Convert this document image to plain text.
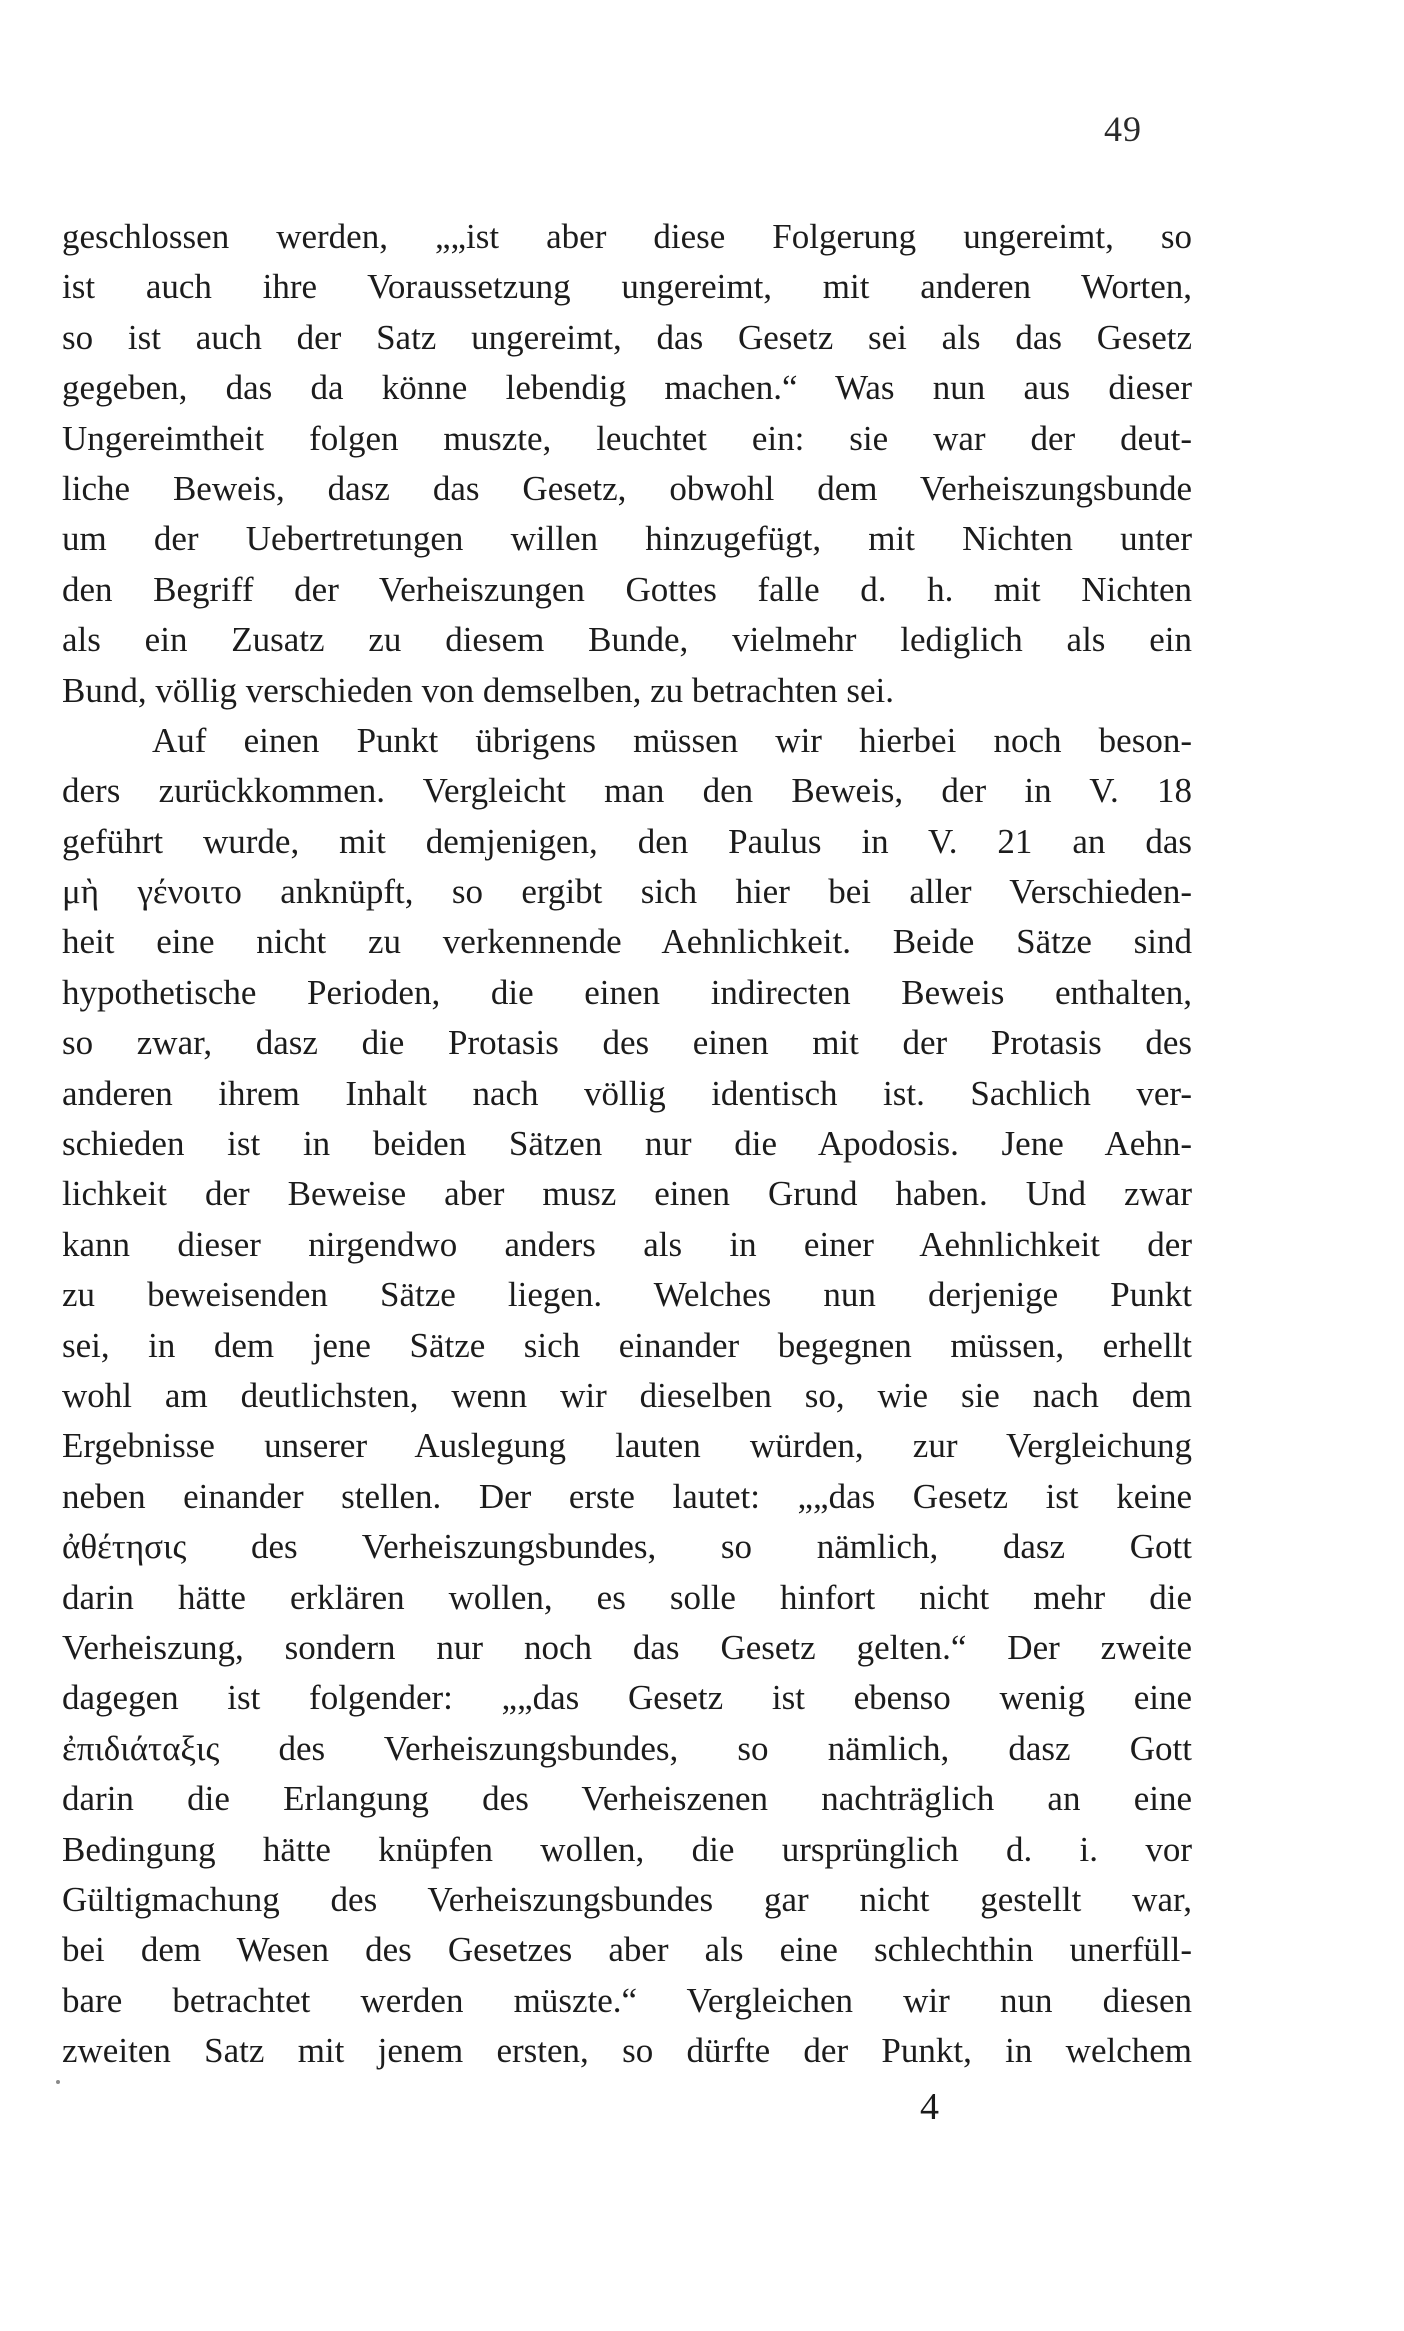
49
geschlossen werden, „„ist aber diese Folgerung ungereimt, so
ist auch ihre Voraussetzung ungereimt, mit anderen Worten,
so ist auch der Satz ungereimt, das Gesetz sei als das Gesetz
gegeben, das da könne lebendig machen.“ Was nun aus dieser
Ungereimtheit folgen muszte, leuchtet ein: sie war der deut-
liche Beweis, dasz das Gesetz, obwohl dem Verheiszungsbunde
um der Uebertretungen willen hinzugefügt, mit Nichten unter
den Begriff der Verheiszungen Gottes falle d. h. mit Nichten
als ein Zusatz zu diesem Bunde, vielmehr lediglich als ein
Bund, völlig verschieden von demselben, zu betrachten sei.
Auf einen Punkt übrigens müssen wir hierbei noch beson-
ders zurückkommen. Vergleicht man den Beweis, der in V. 18
geführt wurde, mit demjenigen, den Paulus in V. 21 an das
μὴ γένοιτο anknüpft, so ergibt sich hier bei aller Verschieden-
heit eine nicht zu verkennende Aehnlichkeit. Beide Sätze sind
hypothetische Perioden, die einen indirecten Beweis enthalten,
so zwar, dasz die Protasis des einen mit der Protasis des
anderen ihrem Inhalt nach völlig identisch ist. Sachlich ver-
schieden ist in beiden Sätzen nur die Apodosis. Jene Aehn-
lichkeit der Beweise aber musz einen Grund haben. Und zwar
kann dieser nirgendwo anders als in einer Aehnlichkeit der
zu beweisenden Sätze liegen. Welches nun derjenige Punkt
sei, in dem jene Sätze sich einander begegnen müssen, erhellt
wohl am deutlichsten, wenn wir dieselben so, wie sie nach dem
Ergebnisse unserer Auslegung lauten würden, zur Vergleichung
neben einander stellen. Der erste lautet: „„das Gesetz ist keine
ἀθέτησις des Verheiszungsbundes, so nämlich, dasz Gott
darin hätte erklären wollen, es solle hinfort nicht mehr die
Verheiszung, sondern nur noch das Gesetz gelten.“ Der zweite
dagegen ist folgender: „„das Gesetz ist ebenso wenig eine
ἐπιδιάταξις des Verheiszungsbundes, so nämlich, dasz Gott
darin die Erlangung des Verheiszenen nachträglich an eine
Bedingung hätte knüpfen wollen, die ursprünglich d. i. vor
Gültigmachung des Verheiszungsbundes gar nicht gestellt war,
bei dem Wesen des Gesetzes aber als eine schlechthin unerfüll-
bare betrachtet werden müszte.“ Vergleichen wir nun diesen
zweiten Satz mit jenem ersten, so dürfte der Punkt, in welchem
4
